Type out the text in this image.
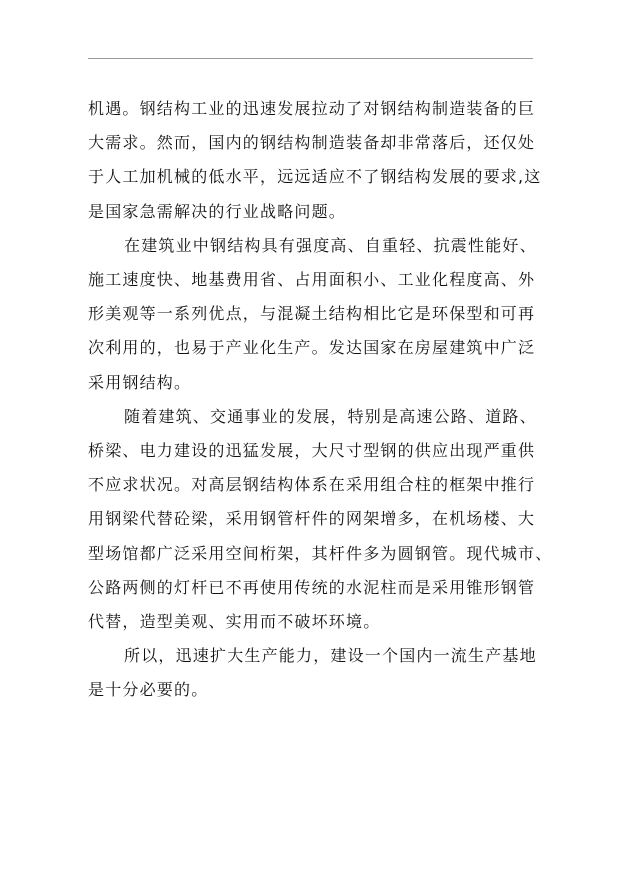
机遇。钢结构工业的迅速发展拉动了对钢结构制造装备的巨
大需求。然而，国内的钢结构制造装备却非常落后，还仅处
于人工加机械的低水平，远远适应不了钢结构发展的要求,这
是国家急需解决的行业战略问题。

在建筑业中钢结构具有强度高、自重轻、抗震性能好、
施工速度快、地基费用省、占用面积小、工业化程度高、外
形美观等一系列优点，与混凝土结构相比它是环保型和可再
次利用的，也易于产业化生产。发达国家在房屋建筑中广泛
采用钢结构。

随着建筑、交通事业的发展，特别是高速公路、道路、
桥梁、电力建设的迅猛发展，大尺寸型钢的供应出现严重供
不应求状况。对高层钢结构体系在采用组合柱的框架中推行
用钢梁代替砼梁，采用钢管杆件的网架增多，在机场楼、大
型场馆都广泛采用空间桁架，其杆件多为圆钢管。现代城市、
公路两侧的灯杆已不再使用传统的水泥柱而是采用锥形钢管
代替，造型美观、实用而不破坏环境。

所以，迅速扩大生产能力，建设一个国内一流生产基地
是十分必要的。
